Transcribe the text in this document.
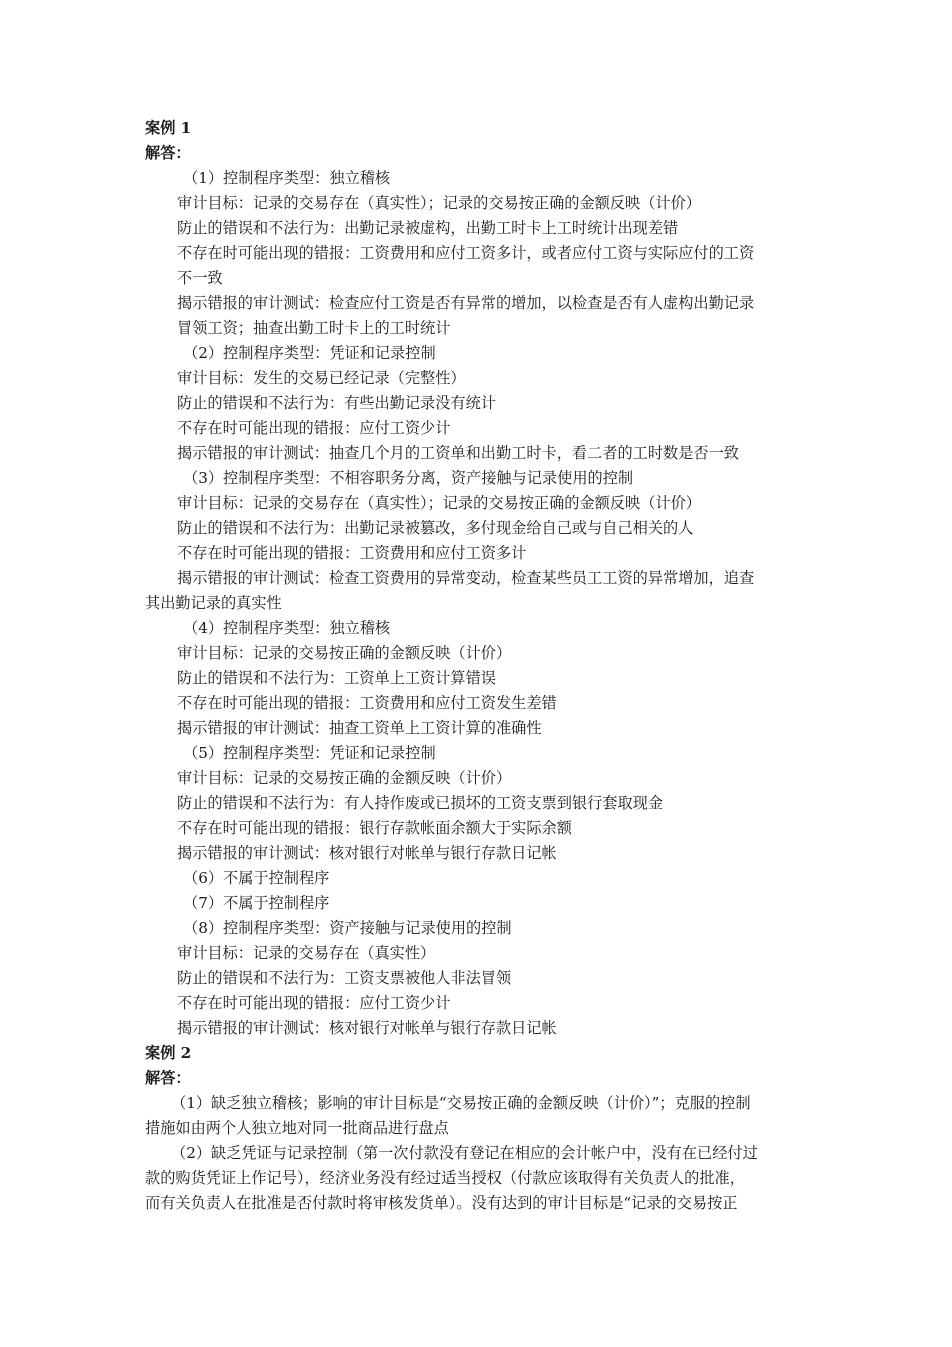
案例 1

解答：

（1）控制程序类型：独立稽核

审计目标：记录的交易存在（真实性）；记录的交易按正确的金额反映（计价）

防止的错误和不法行为：出勤记录被虚构，出勤工时卡上工时统计出现差错

不存在时可能出现的错报：工资费用和应付工资多计，或者应付工资与实际应付的工资

不一致

揭示错报的审计测试：检查应付工资是否有异常的增加，以检查是否有人虚构出勤记录

冒领工资；抽查出勤工时卡上的工时统计

（2）控制程序类型：凭证和记录控制

审计目标：发生的交易已经记录（完整性）

防止的错误和不法行为：有些出勤记录没有统计

不存在时可能出现的错报：应付工资少计

揭示错报的审计测试：抽查几个月的工资单和出勤工时卡，看二者的工时数是否一致

（3）控制程序类型：不相容职务分离，资产接触与记录使用的控制

审计目标：记录的交易存在（真实性）；记录的交易按正确的金额反映（计价）

防止的错误和不法行为：出勤记录被篡改，多付现金给自己或与自己相关的人

不存在时可能出现的错报：工资费用和应付工资多计

揭示错报的审计测试：检查工资费用的异常变动，检查某些员工工资的异常增加，追查

其出勤记录的真实性

（4）控制程序类型：独立稽核

审计目标：记录的交易按正确的金额反映（计价）

防止的错误和不法行为：工资单上工资计算错误

不存在时可能出现的错报：工资费用和应付工资发生差错

揭示错报的审计测试：抽查工资单上工资计算的准确性

（5）控制程序类型：凭证和记录控制

审计目标：记录的交易按正确的金额反映（计价）

防止的错误和不法行为：有人持作废或已损坏的工资支票到银行套取现金

不存在时可能出现的错报：银行存款帐面余额大于实际余额

揭示错报的审计测试：核对银行对帐单与银行存款日记帐

（6）不属于控制程序

（7）不属于控制程序

（8）控制程序类型：资产接触与记录使用的控制

审计目标：记录的交易存在（真实性）

防止的错误和不法行为：工资支票被他人非法冒领

不存在时可能出现的错报：应付工资少计

揭示错报的审计测试：核对银行对帐单与银行存款日记帐

案例 2

解答：

（1）缺乏独立稽核；影响的审计目标是“交易按正确的金额反映（计价）”；克服的控制

措施如由两个人独立地对同一批商品进行盘点

（2）缺乏凭证与记录控制（第一次付款没有登记在相应的会计帐户中，没有在已经付过

款的购货凭证上作记号），经济业务没有经过适当授权（付款应该取得有关负责人的批准，

而有关负责人在批准是否付款时将审核发货单）。没有达到的审计目标是“记录的交易按正
